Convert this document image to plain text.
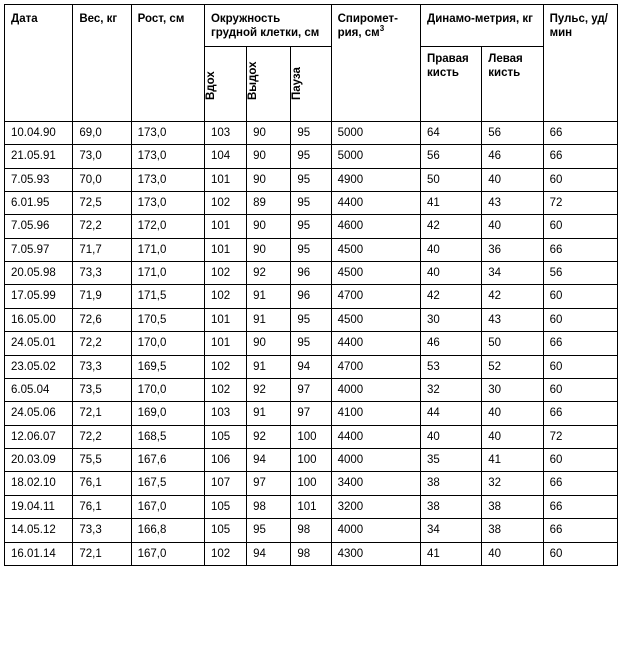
Дата	Вес, кг	Рост, см	Окружность грудной клетки, см			Спиромет-рия, $см^3$	Динамо-метрия, кг		Пульс, уд/мин

			Вдох	Выдох	Пауза		Правая кисть	Левая кисть	

10.04.90	69,0	173,0	103	90	95	5000	64	56	66

21.05.91	73,0	173,0	104	90	95	5000	56	46	66

7.05.93	70,0	173,0	101	90	95	4900	50	40	60

6.01.95	72,5	173,0	102	89	95	4400	41	43	72

7.05.96	72,2	172,0	101	90	95	4600	42	40	60

7.05.97	71,7	171,0	101	90	95	4500	40	36	66

20.05.98	73,3	171,0	102	92	96	4500	40	34	56

17.05.99	71,9	171,5	102	91	96	4700	42	42	60

16.05.00	72,6	170,5	101	91	95	4500	30	43	60

24.05.01	72,2	170,0	101	90	95	4400	46	50	66

23.05.02	73,3	169,5	102	91	94	4700	53	52	60

6.05.04	73,5	170,0	102	92	97	4000	32	30	60

24.05.06	72,1	169,0	103	91	97	4100	44	40	66

12.06.07	72,2	168,5	105	92	100	4400	40	40	72

20.03.09	75,5	167,6	106	94	100	4000	35	41	60

18.02.10	76,1	167,5	107	97	100	3400	38	32	66

19.04.11	76,1	167,0	105	98	101	3200	38	38	66

14.05.12	73,3	166,8	105	95	98	4000	34	38	66

16.01.14	72,1	167,0	102	94	98	4300	41	40	60
